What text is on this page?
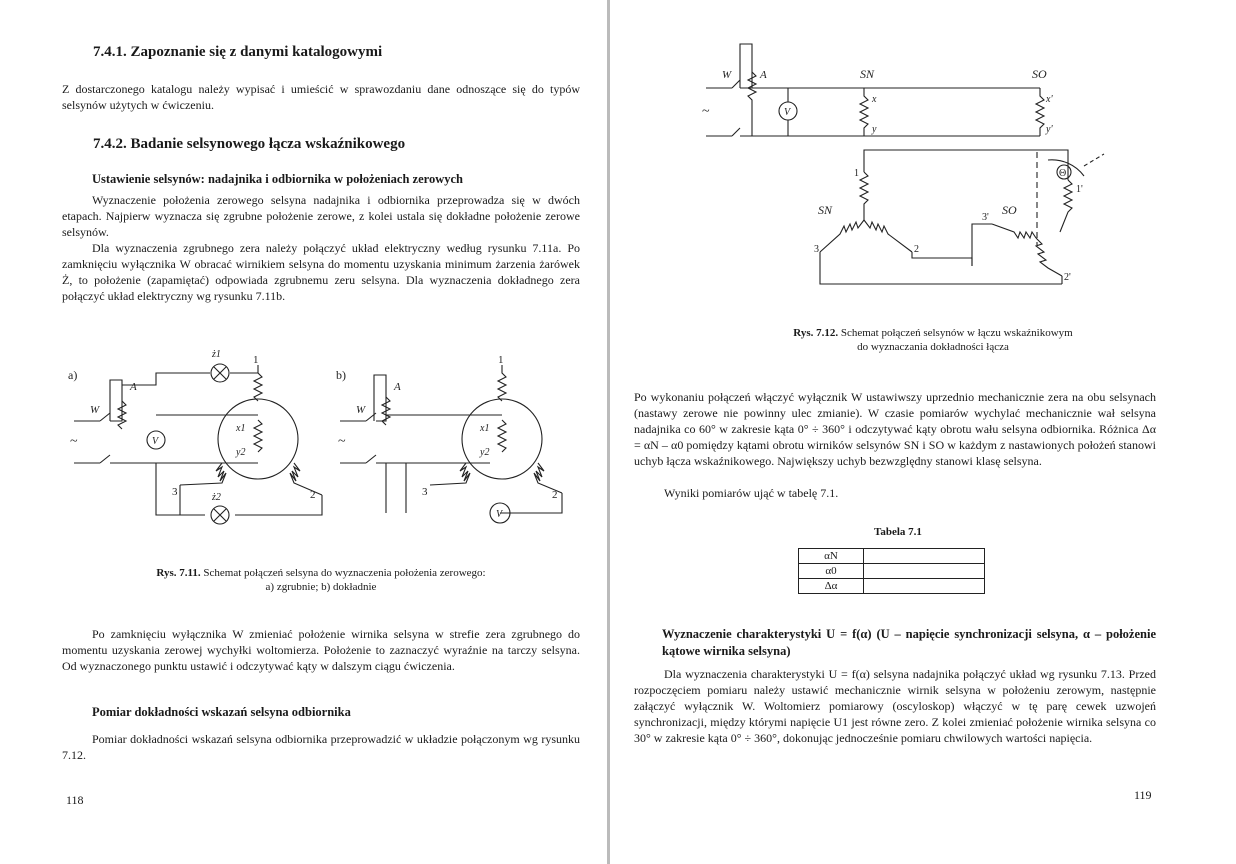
7.4.1. Zapoznanie się z danymi katalogowymi

Z dostarczonego katalogu należy wypisać i umieścić w sprawozdaniu dane odnoszące się do typów selsynów użytych w ćwiczeniu.

7.4.2. Badanie selsynowego łącza wskaźnikowego
Ustawienie selsynów: nadajnika i odbiornika w położeniach zerowych

Wyznaczenie położenia zerowego selsyna nadajnika i odbiornika przeprowadza się w dwóch etapach. Najpierw wyznacza się zgrubne położenie zerowe, z kolei ustala się dokładne położenie zerowe selsynów.

Dla wyznaczenia zgrubnego zera należy połączyć układ elektryczny według rysunku 7.11a. Po zamknięciu wyłącznika W obracać wirnikiem selsyna do momentu uzyskania minimum żarzenia żarówek Ż, to położenie (zapamiętać) odpowiada zgrubnemu zeru selsyna. Dla wyznaczenia dokładnego zera połączyć układ elektryczny wg rysunku 7.11b.

a)
W
A
~	V
ż1
ż2
1
x1
y2
3	2
b)
W
A
~
V
1
x1
y2
3	2
Rys. 7.11. Schemat połączeń selsyna do wyznaczenia położenia zerowego:
a) zgrubnie; b) dokładnie

Po zamknięciu wyłącznika W zmieniać położenie wirnika selsyna w strefie zera zgrubnego do momentu uzyskania zerowej wychyłki woltomierza. Położenie to zaznaczyć wyraźnie na tarczy selsyna. Od wyznaczonego punktu ustawić i odczytywać kąty w dalszym ciągu ćwiczenia.

Pomiar dokładności wskazań selsyna odbiornika

Pomiar dokładności wskazań selsyna odbiornika przeprowadzić w układzie połączonym wg rysunku 7.12.

118
W	A	SN	SO
~	V
x
y
x'
y'
1
SN
3	2
1'
SO
3'
2'
Θ
Rys. 7.12. Schemat połączeń selsynów w łączu wskaźnikowym
do wyznaczania dokładności łącza

Po wykonaniu połączeń włączyć wyłącznik W ustawiwszy uprzednio mechanicznie zera na obu selsynach (nastawy zerowe nie powinny ulec zmianie). W czasie pomiarów wychylać mechanicznie wał selsyna nadajnika co 60° w zakresie kąta 0° ÷ 360° i odczytywać kąty obrotu wału selsyna odbiornika. Różnica Δα = αN – α0 pomiędzy kątami obrotu wirników selsynów SN i SO w każdym z nastawionych położeń stanowi uchyb łącza wskaźnikowego. Największy uchyb bezwzględny stanowi klasę selsyna.

Wyniki pomiarów ująć w tabelę 7.1.

Tabela 7.1
αN	
α0	
Δα	
Wyznaczenie charakterystyki U = f(α) (U – napięcie synchronizacji selsyna, α – położenie kątowe wirnika selsyna)

Dla wyznaczenia charakterystyki U = f(α) selsyna nadajnika połączyć układ wg rysunku 7.13. Przed rozpoczęciem pomiaru należy ustawić mechanicznie wirnik selsyna w położeniu zerowym, następnie załączyć wyłącznik W. Woltomierz pomiarowy (oscyloskop) włączyć w tę parę cewek uzwojeń synchronizacji, między którymi napięcie U1 jest równe zero. Z kolei zmieniać położenie wirnika selsyna co 30° w zakresie kąta 0° ÷ 360°, dokonując jednocześnie pomiaru chwilowych wartości napięcia.

119
